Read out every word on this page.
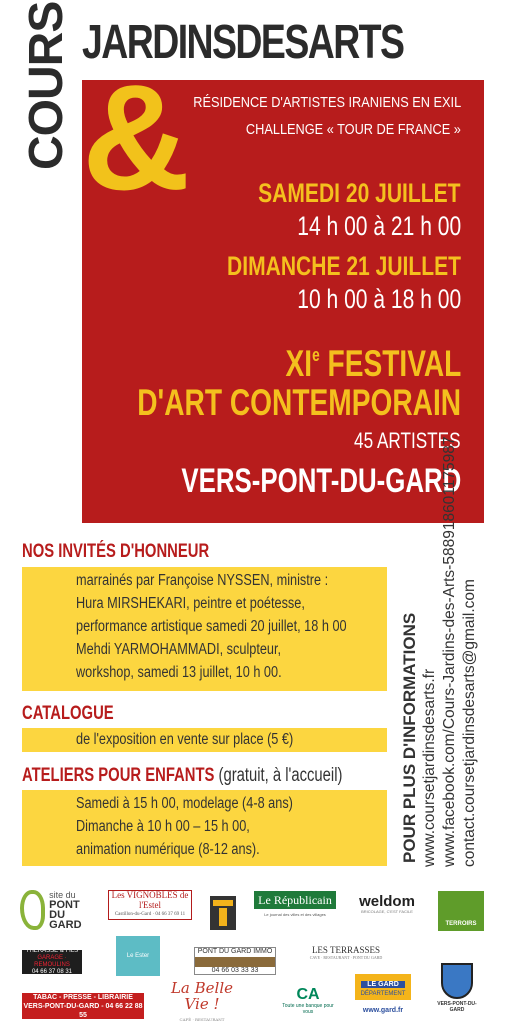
COURS JARDINSDESARTS
& RÉSIDENCE D'ARTISTES IRANIENS EN EXIL
CHALLENGE « TOUR DE FRANCE »
SAMEDI 20 JUILLET
14 h 00 à 21 h 00
DIMANCHE 21 JUILLET
10 h 00 à 18 h 00
XIe FESTIVAL
D'ART CONTEMPORAIN
45 ARTISTES
VERS-PONT-DU-GARD
NOS INVITÉS D'HONNEUR
marrainés par Françoise NYSSEN, ministre :
Hura MIRSHEKARI, peintre et poétesse,
performance artistique samedi 20 juillet, 18 h 00
Mehdi YARMOHAMMADI, sculpteur,
workshop, samedi 13 juillet, 10 h 00.
CATALOGUE
de l'exposition en vente sur place (5 €)
ATELIERS POUR ENFANTS (gratuit, à l'accueil)
Samedi à 15 h 00, modelage (4-8 ans)
Dimanche à 10 h 00 – 15 h 00,
animation numérique (8-12 ans).	POUR PLUS D'INFORMATIONS www.coursetjardinsdesarts.fr www.facebook.com/Cours-Jardins-des-Arts-588918601175987 contact.coursetjardinsdesarts@gmail.com
site du
PONT
DU GARD
Les VIGNOBLES de l'Estel
Castillon-du-Gard · 04 66 37 69 11
Le Républicain
Le journal des villes et des villages
weldom
BRICOLAGE, C'EST FACILE
TERROIRS
THERASSE & FILS
GARAGE · REMOULINS
04 66 37 08 31
Le Ester
PONT DU GARD IMMO
04 66 03 33 33
LES TERRASSES
CAVE · RESTAURANT · PONT DU GARD
VERS-PONT-DU-GARD
TABAC - PRESSE - LIBRAIRIE
VERS-PONT-DU-GARD - 04 66 22 88 55
La Belle Vie !
CAFÉ · RESTAURANT
CA
Toute une banque pour vous
LE GARD
DÉPARTEMENT
www.gard.fr
